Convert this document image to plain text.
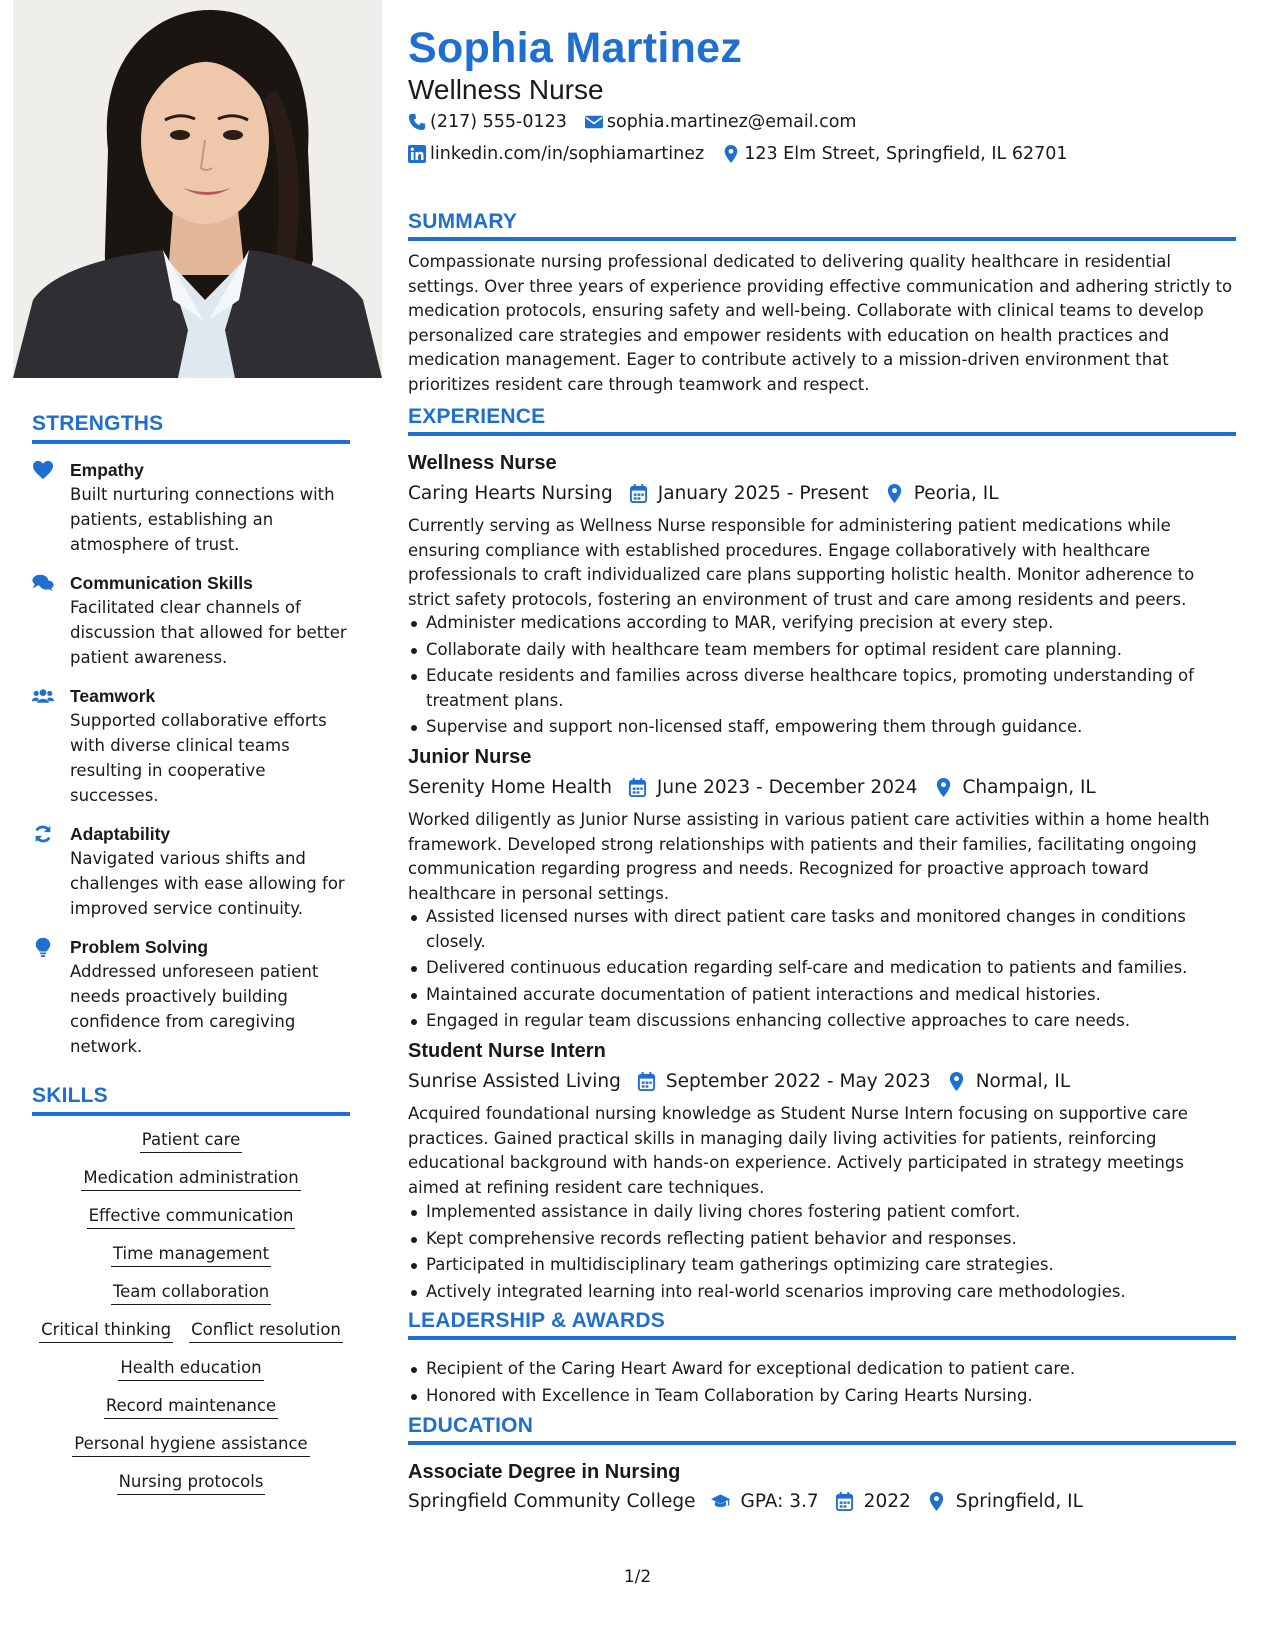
STRENGTHS
Empathy
Built nurturing connections with patients, establishing an atmosphere of trust.
Communication Skills
Facilitated clear channels of discussion that allowed for better patient awareness.
Teamwork
Supported collaborative efforts with diverse clinical teams resulting in cooperative successes.
Adaptability
Navigated various shifts and challenges with ease allowing for improved service continuity.
Problem Solving
Addressed unforeseen patient needs proactively building confidence from caregiving network.
SKILLS
Patient care
Medication administration
Effective communication
Time management
Team collaboration
Critical thinking Conflict resolution
Health education
Record maintenance
Personal hygiene assistance
Nursing protocols
Sophia Martinez
Wellness Nurse
(217) 555-0123 sophia.martinez@email.com
linkedin.com/in/sophiamartinez 123 Elm Street, Springfield, IL 62701
SUMMARY
Compassionate nursing professional dedicated to delivering quality healthcare in residential settings. Over three years of experience providing effective communication and adhering strictly to medication protocols, ensuring safety and well-being. Collaborate with clinical teams to develop personalized care strategies and empower residents with education on health practices and medication management. Eager to contribute actively to a mission-driven environment that prioritizes resident care through teamwork and respect.
EXPERIENCE
Wellness Nurse
Caring Hearts Nursing January 2025 - Present Peoria, IL
Currently serving as Wellness Nurse responsible for administering patient medications while ensuring compliance with established procedures. Engage collaboratively with healthcare professionals to craft individualized care plans supporting holistic health. Monitor adherence to strict safety protocols, fostering an environment of trust and care among residents and peers.
Administer medications according to MAR, verifying precision at every step.
Collaborate daily with healthcare team members for optimal resident care planning.
Educate residents and families across diverse healthcare topics, promoting understanding of treatment plans.
Supervise and support non-licensed staff, empowering them through guidance.
Junior Nurse
Serenity Home Health June 2023 - December 2024 Champaign, IL
Worked diligently as Junior Nurse assisting in various patient care activities within a home health framework. Developed strong relationships with patients and their families, facilitating ongoing communication regarding progress and needs. Recognized for proactive approach toward healthcare in personal settings.
Assisted licensed nurses with direct patient care tasks and monitored changes in conditions closely.
Delivered continuous education regarding self-care and medication to patients and families.
Maintained accurate documentation of patient interactions and medical histories.
Engaged in regular team discussions enhancing collective approaches to care needs.
Student Nurse Intern
Sunrise Assisted Living September 2022 - May 2023 Normal, IL
Acquired foundational nursing knowledge as Student Nurse Intern focusing on supportive care practices. Gained practical skills in managing daily living activities for patients, reinforcing educational background with hands-on experience. Actively participated in strategy meetings aimed at refining resident care techniques.
Implemented assistance in daily living chores fostering patient comfort.
Kept comprehensive records reflecting patient behavior and responses.
Participated in multidisciplinary team gatherings optimizing care strategies.
Actively integrated learning into real-world scenarios improving care methodologies.
LEADERSHIP & AWARDS
Recipient of the Caring Heart Award for exceptional dedication to patient care.
Honored with Excellence in Team Collaboration by Caring Hearts Nursing.
EDUCATION
Associate Degree in Nursing
Springfield Community College GPA: 3.7 2022 Springfield, IL
1/2
